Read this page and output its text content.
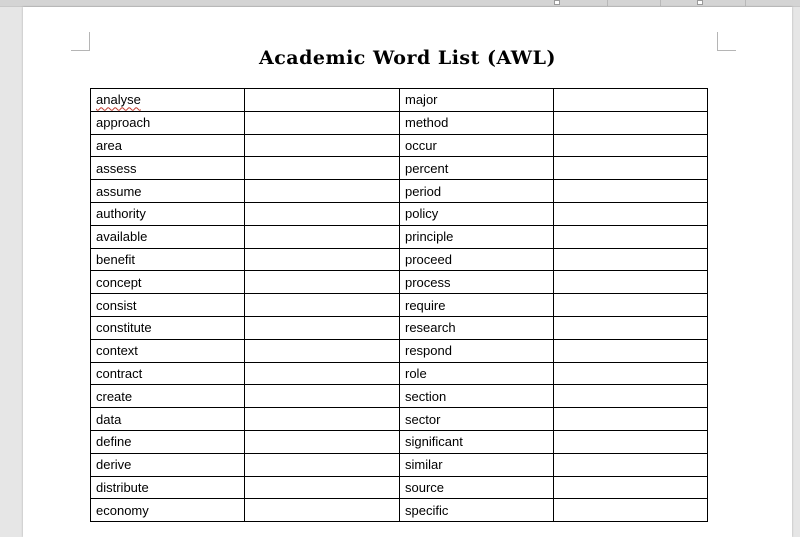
Academic Word List (AWL)
analyse		major	
approach		method	
area		occur	
assess		percent	
assume		period	
authority		policy	
available		principle	
benefit		proceed	
concept		process	
consist		require	
constitute		research	
context		respond	
contract		role	
create		section	
data		sector	
define		significant	
derive		similar	
distribute		source	
economy		specific	
